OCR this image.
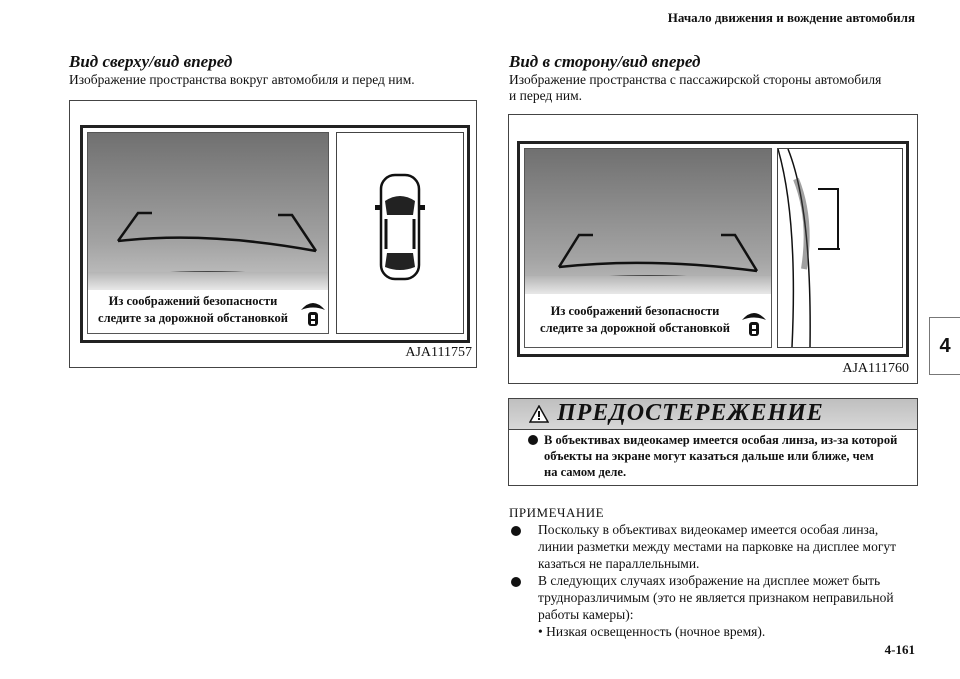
Начало движения и вождение автомобиля
4-161
4
Вид сверху/вид вперед
Изображение пространства вокруг автомобиля и перед ним.
Из соображений безопасности
следите за дорожной обстановкой
AJA111757
Вид в сторону/вид вперед
Изображение пространства с пассажирской стороны автомобиля
и перед ним.
Из соображений безопасности
следите за дорожной обстановкой
AJA111760
ПРЕДОСТЕРЕЖЕНИЕ
В объективах видеокамер имеется особая линза, из-за которой
объекты на экране могут казаться дальше или ближе, чем
на самом деле.
ПРИМЕЧАНИЕ
Поскольку в объективах видеокамер имеется особая линза,
линии разметки между местами на парковке на дисплее могут
казаться не параллельными.
В следующих случаях изображение на дисплее может быть
трудноразличимым (это не является признаком неправильной
работы камеры):
• Низкая освещенность (ночное время).
